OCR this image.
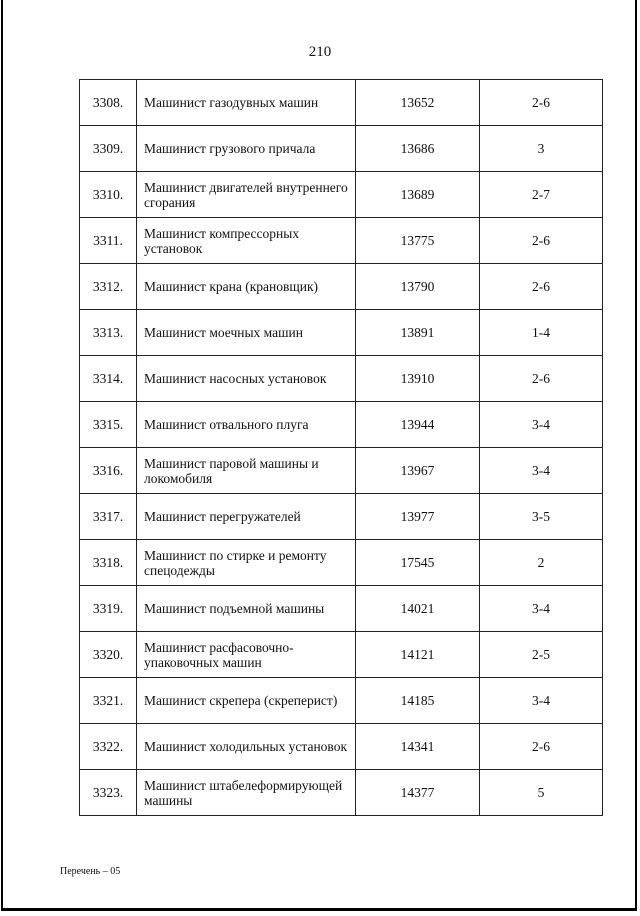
210
3308.	Машинист газодувных машин	13652	2-6
3309.	Машинист грузового причала	13686	3
3310.	Машинист двигателей внутреннего сгорания	13689	2-7
3311.	Машинист компрессорных установок	13775	2-6
3312.	Машинист крана (крановщик)	13790	2-6
3313.	Машинист моечных машин	13891	1-4
3314.	Машинист насосных установок	13910	2-6
3315.	Машинист отвального плуга	13944	3-4
3316.	Машинист паровой машины и локомобиля	13967	3-4
3317.	Машинист перегружателей	13977	3-5
3318.	Машинист по стирке и ремонту спецодежды	17545	2
3319.	Машинист подъемной машины	14021	3-4
3320.	Машинист расфасовочно-упаковочных машин	14121	2-5
3321.	Машинист скрепера (скреперист)	14185	3-4
3322.	Машинист холодильных установок	14341	2-6
3323.	Машинист штабелеформирующей машины	14377	5
Перечень – 05
